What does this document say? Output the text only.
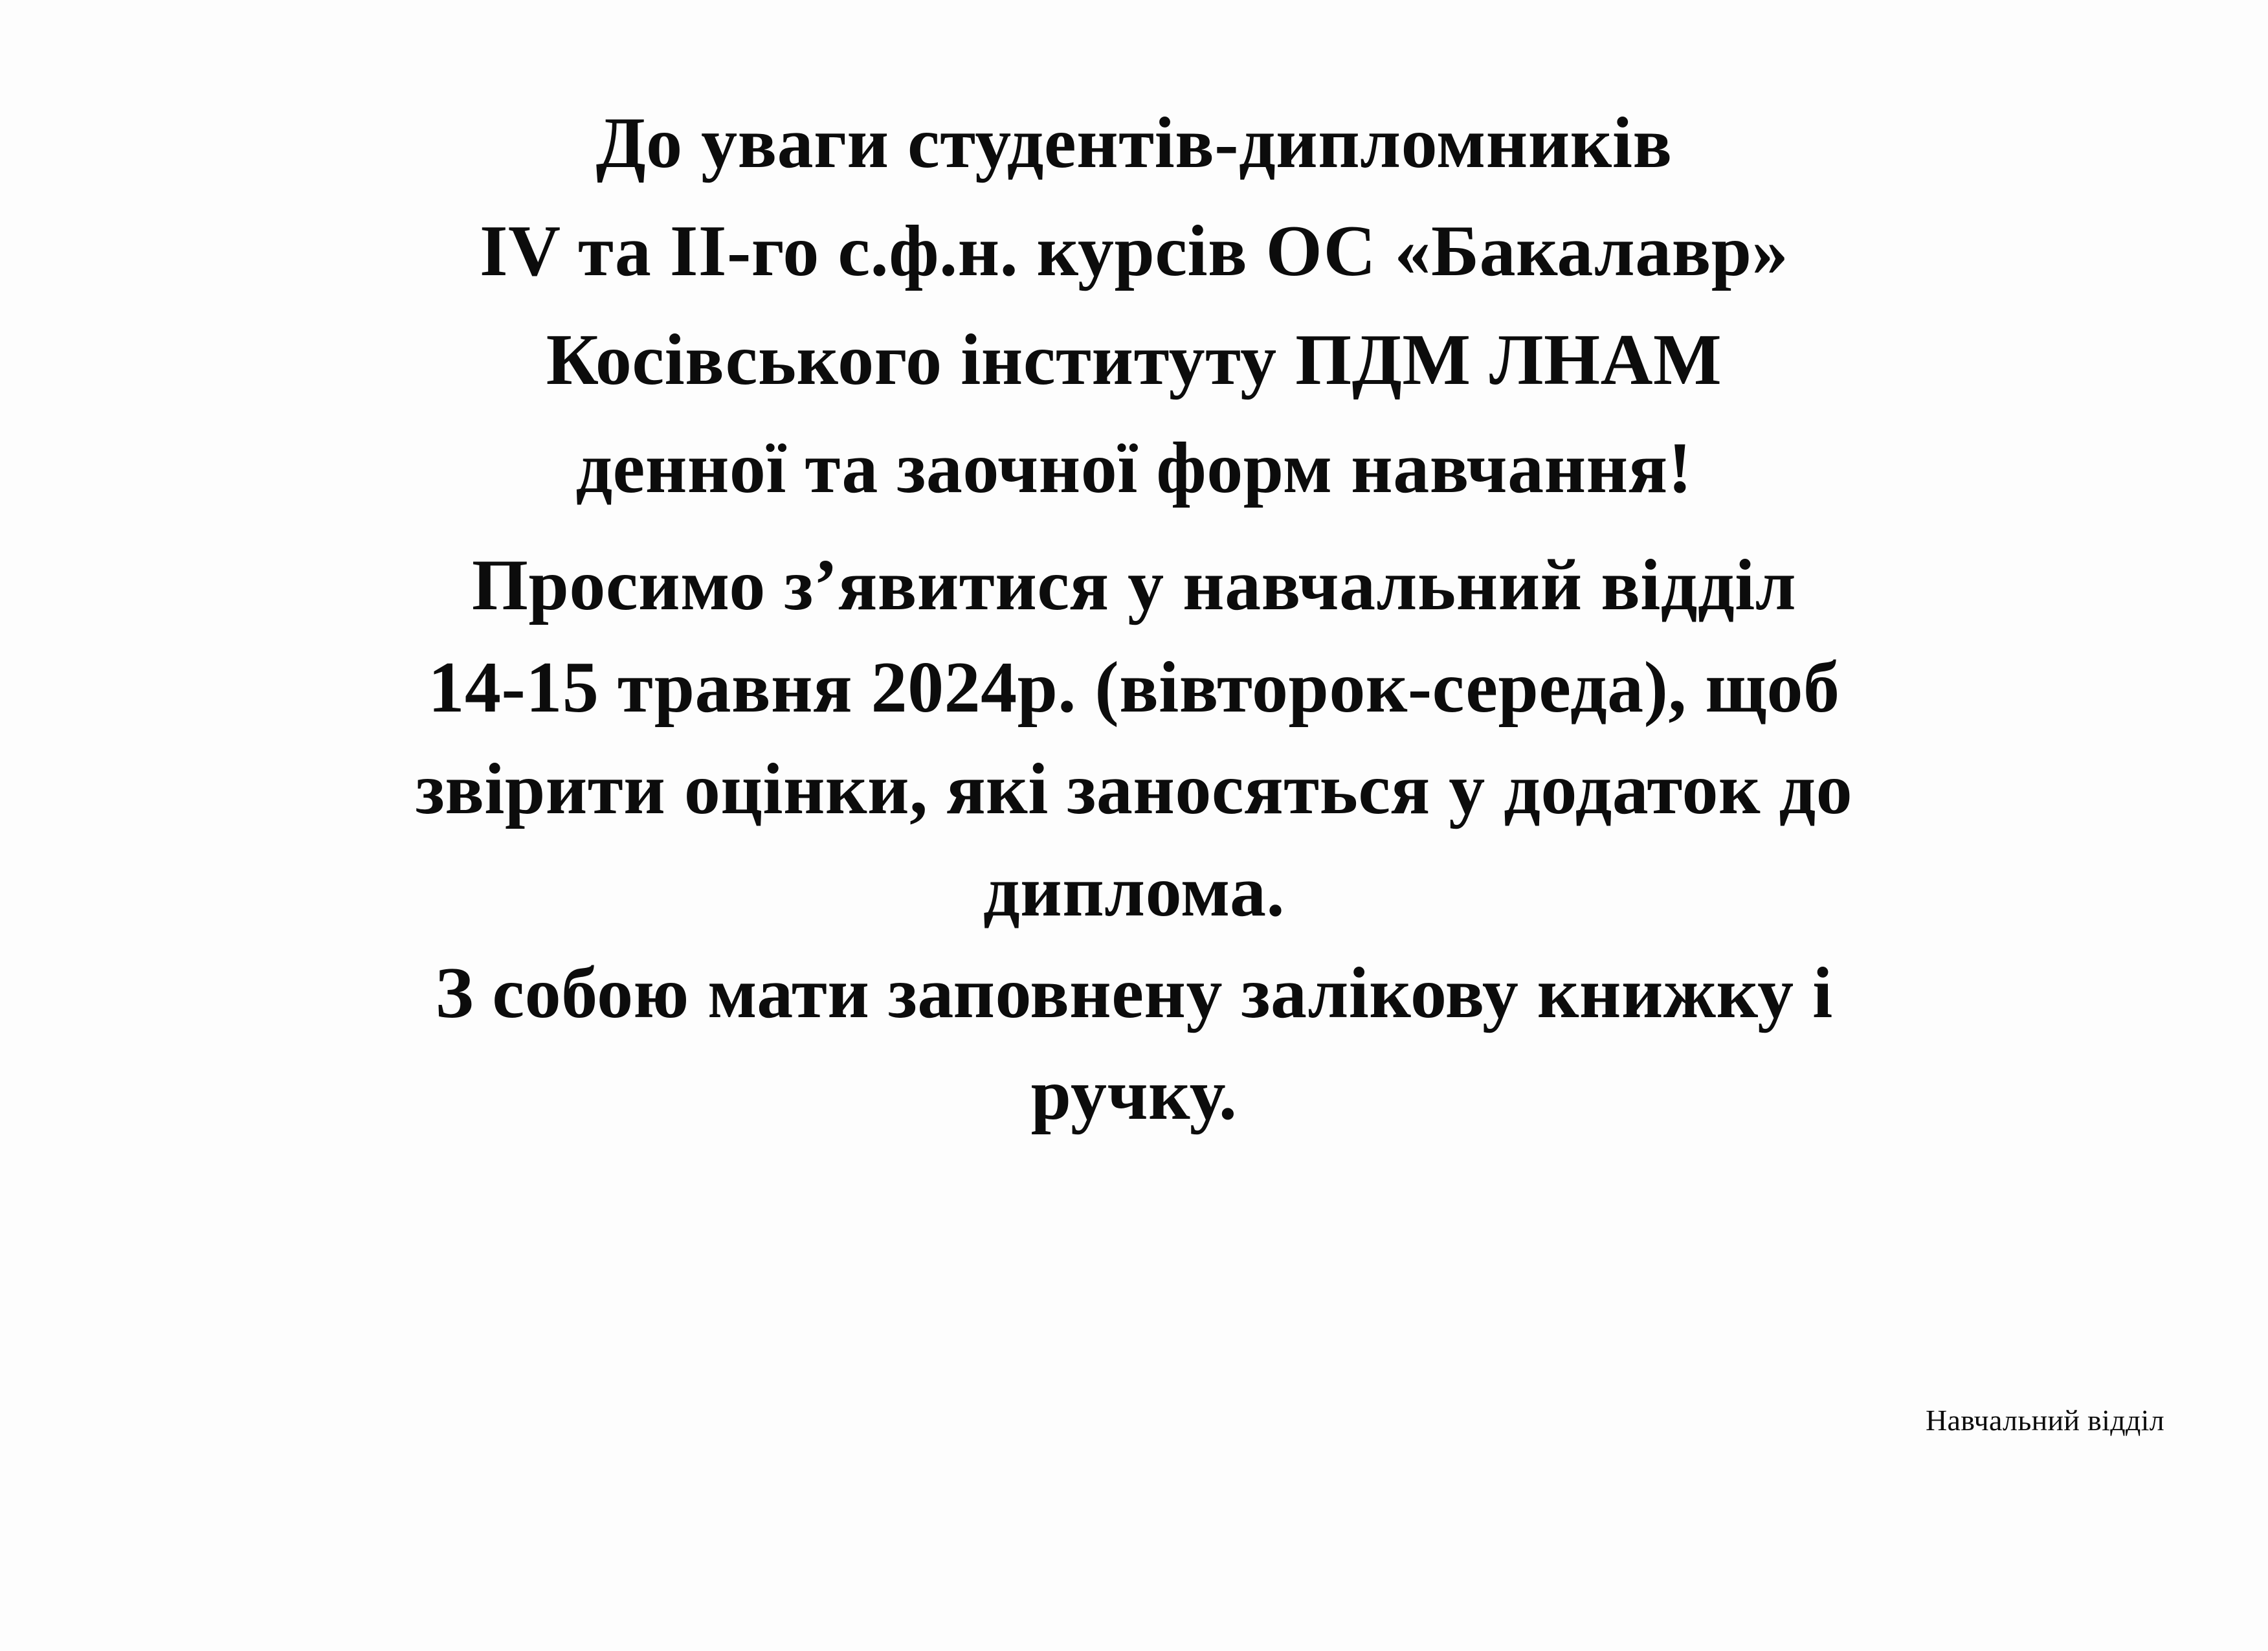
До уваги студентів-дипломників
IV та II-го с.ф.н. курсів ОС «Бакалавр»
Косівського інституту ПДМ ЛНАМ
денної та заочної форм навчання!
Просимо з’явитися у навчальний відділ
14-15 травня 2024р. (вівторок-середа), щоб
звірити оцінки, які заносяться у додаток до
диплома.
З собою мати заповнену залікову книжку і
ручку.
Навчальний відділ
